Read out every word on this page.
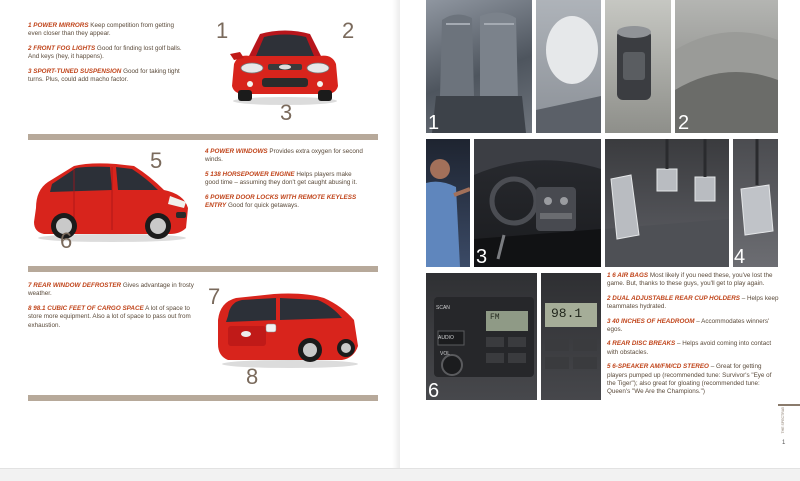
1 POWER MIRRORS Keep competition from getting even closer than they appear.

2 FRONT FOG LIGHTS Good for finding lost golf balls. And keys (hey, it happens).

3 SPORT-TUNED SUSPENSION Good for taking tight turns. Plus, could add macho factor.

1	2
3
5
6

4 POWER WINDOWS Provides extra oxygen for second winds.

5 138 HORSEPOWER ENGINE Helps players make good time – assuming they don't get caught abusing it.

6 POWER DOOR LOCKS WITH REMOTE KEYLESS ENTRY Good for quick getaways.

7 REAR WINDOW DEFROSTER Gives advantage in frosty weather.

8 98.1 CUBIC FEET OF CARGO SPACE A lot of space to store more equipment. Also a lot of space to pass out from exhaustion.

7
8
1	2
3	4
FM
AUDIO
VOL
SCAN	98.1
6

1 6 AIR BAGS Most likely if you need these, you've lost the game. But, thanks to these guys, you'll get to play again.

2 DUAL ADJUSTABLE REAR CUP HOLDERS – Helps keep teammates hydrated.

3 40 INCHES OF HEADROOM – Accommodates winners' egos.

4 REAR DISC BREAKS – Helps avoid coming into contact with obstacles.

5 6-SPEAKER AM/FM/CD STEREO – Great for getting players pumped up (recommended tune: Survivor's "Eye of the Tiger"); also great for gloating (recommended tune: Queen's "We Are the Champions.")

THE SPECTRA5
1
